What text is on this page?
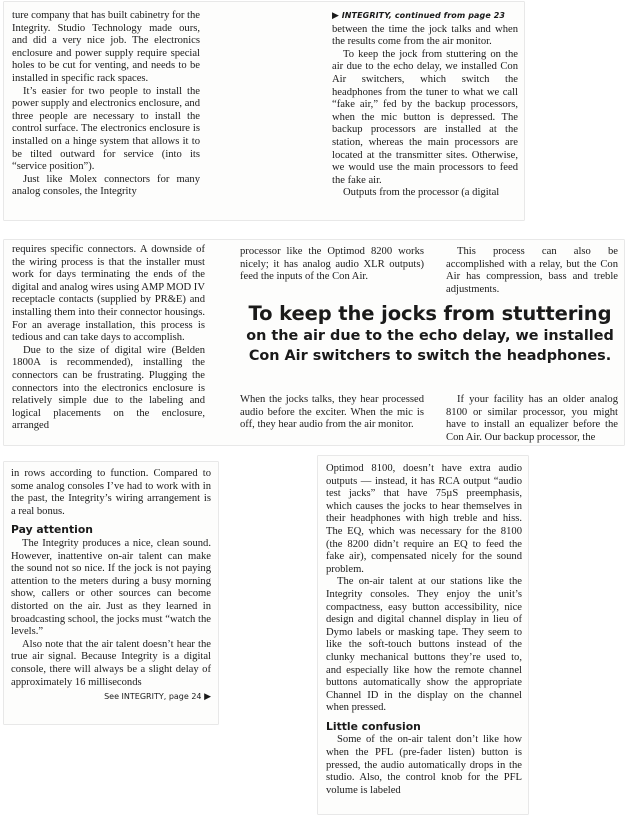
ture company that has built cabinetry for the Integrity. Studio Technology made ours, and did a very nice job. The electronics enclosure and power supply require special holes to be cut for venting, and needs to be installed in specific rack spaces.

It’s easier for two people to install the power supply and electronics enclosure, and three people are necessary to install the control surface. The electronics enclosure is installed on a hinge system that allows it to be tilted outward for service (into its “service position”).

Just like Molex connectors for many analog consoles, the Integrity

▶ INTEGRITY, continued from page 23

between the time the jock talks and when the results come from the air monitor.

To keep the jock from stuttering on the air due to the echo delay, we installed Con Air switchers, which switch the headphones from the tuner to what we call “fake air,” fed by the backup processors, when the mic button is depressed. The backup processors are installed at the station, whereas the main processors are located at the transmitter sites. Otherwise, we would use the main processors to feed the fake air.

Outputs from the processor (a digital

requires specific connectors. A downside of the wiring process is that the installer must work for days terminating the ends of the digital and analog wires using AMP MOD IV receptacle contacts (supplied by PR&E) and installing them into their connector housings. For an average installation, this process is tedious and can take days to accomplish.

Due to the size of digital wire (Belden 1800A is recommended), installing the connectors can be frustrating. Plugging the connectors into the electronics enclosure is relatively simple due to the labeling and logical placements on the enclosure, arranged

processor like the Optimod 8200 works nicely; it has analog audio XLR outputs) feed the inputs of the Con Air.

This process can also be accomplished with a relay, but the Con Air has compression, bass and treble adjustments.

To keep the jocks from stuttering
on the air due to the echo delay, we installed
Con Air switchers to switch the headphones.

When the jocks talks, they hear processed audio before the exciter. When the mic is off, they hear audio from the air monitor.

If your facility has an older analog 8100 or similar processor, you might have to install an equalizer before the Con Air. Our backup processor, the

in rows according to function. Compared to some analog consoles I’ve had to work with in the past, the Integrity’s wiring arrangement is a real bonus.

Pay attention

The Integrity produces a nice, clean sound. However, inattentive on-air talent can make the sound not so nice. If the jock is not paying attention to the meters during a busy morning show, callers or other sources can become distorted on the air. Just as they learned in broadcasting school, the jocks must “watch the levels.”

Also note that the air talent doesn’t hear the true air signal. Because Integrity is a digital console, there will always be a slight delay of approximately 16 milliseconds

See INTEGRITY, page 24 ▶

Optimod 8100, doesn’t have extra audio outputs — instead, it has RCA output “audio test jacks” that have 75µS preemphasis, which causes the jocks to hear themselves in their headphones with high treble and hiss. The EQ, which was necessary for the 8100 (the 8200 didn’t require an EQ to feed the fake air), compensated nicely for the sound problem.

The on-air talent at our stations like the Integrity consoles. They enjoy the unit’s compactness, easy button accessibility, nice design and digital channel display in lieu of Dymo labels or masking tape. They seem to like the soft-touch buttons instead of the clunky mechanical buttons they’re used to, and especially like how the remote channel buttons automatically show the appropriate Channel ID in the display on the channel when pressed.

Little confusion

Some of the on-air talent don’t like how when the PFL (pre-fader listen) button is pressed, the audio automatically drops in the studio. Also, the control knob for the PFL volume is labeled
